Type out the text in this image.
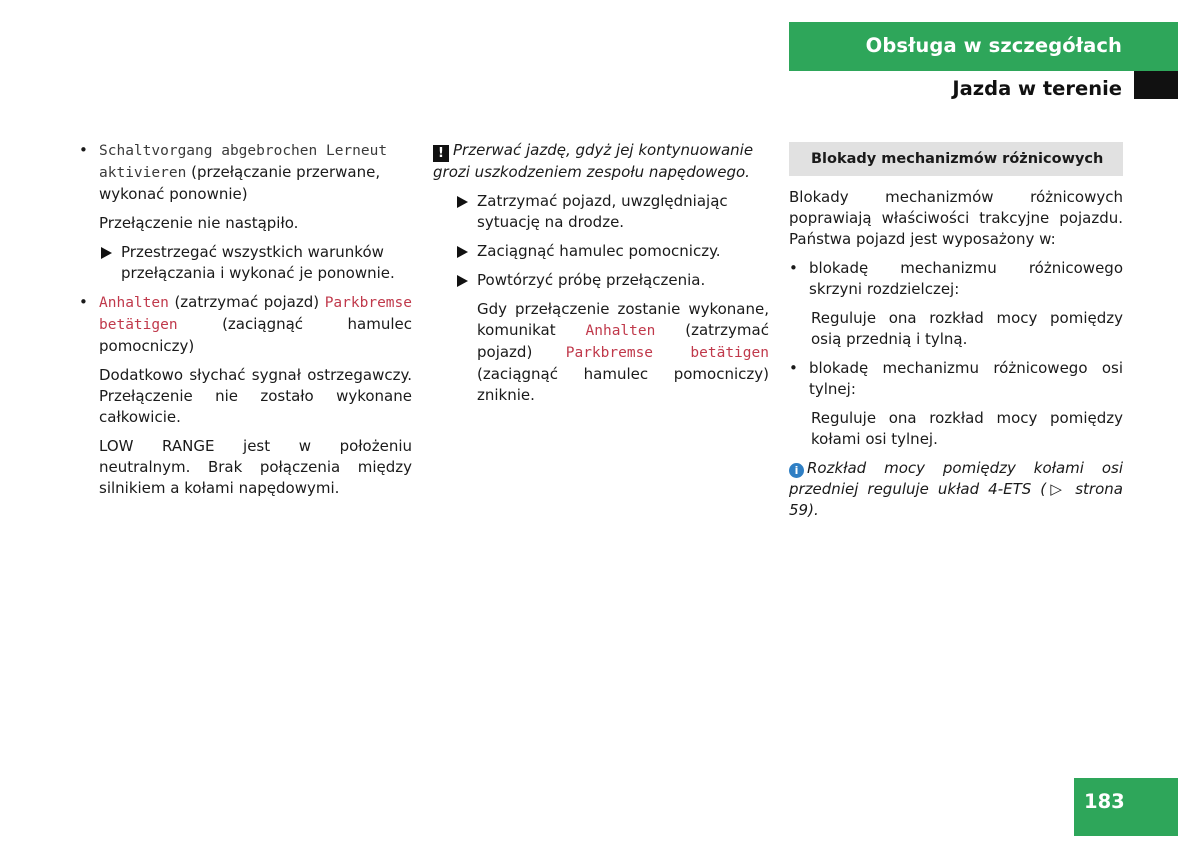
Obsługa w szczegółach
Jazda w terenie
• Schaltvorgang abgebrochen Lerneut aktivieren (przełączanie przerwane, wykonać ponownie)
Przełączenie nie nastąpiło.
Przestrzegać wszystkich warunków przełączania i wykonać je ponownie.
• Anhalten (zatrzymać pojazd) Parkbremse betätigen	(zaciągnąć hamulec pomocniczy)
Dodatkowo słychać sygnał ostrzegawczy. Przełączenie nie zostało wykonane całkowicie.
LOW RANGE jest w położeniu neutralnym. Brak połączenia między silnikiem a kołami napędowymi.
! Przerwać jazdę, gdyż jej kontynuowanie grozi uszkodzeniem zespołu napędowego.
Zatrzymać pojazd, uwzględniając sytuację na drodze.
Zaciągnąć hamulec pomocniczy.
Powtórzyć próbę przełączenia.
Gdy przełączenie zostanie wykonane, komunikat Anhalten (zatrzymać pojazd) Parkbremse betätigen (zaciągnąć hamulec pomocniczy) zniknie.
Blokady mechanizmów różnicowych
Blokady mechanizmów różnicowych poprawiają właściwości trakcyjne pojazdu. Państwa pojazd jest wyposażony w:
• blokadę mechanizmu różnicowego skrzyni rozdzielczej:
Reguluje ona rozkład mocy pomiędzy osią przednią i tylną.
• blokadę mechanizmu różnicowego osi tylnej:
Reguluje ona rozkład mocy pomiędzy kołami osi tylnej.
i Rozkład mocy pomiędzy kołami osi przedniej reguluje układ 4-ETS (▷ strona 59).
183
